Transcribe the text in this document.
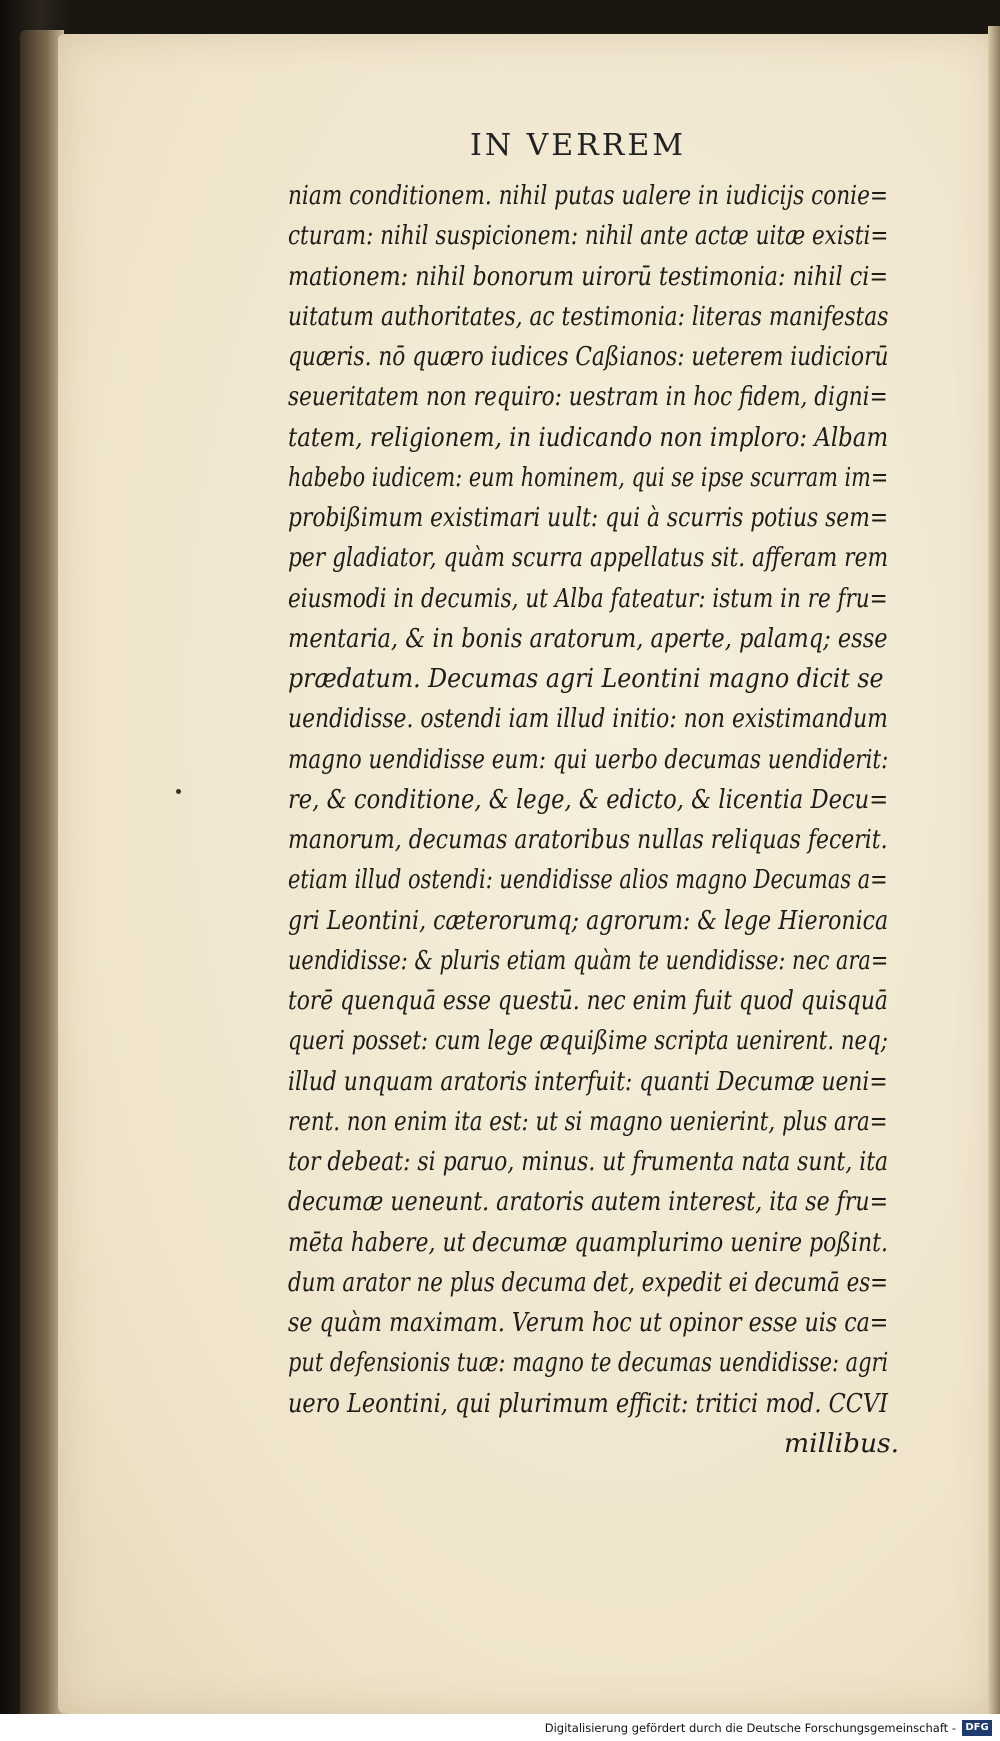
IN VERREM
niam conditionem. nihil putas ualere in iudicijs conie=
cturam: nihil suspicionem: nihil ante actæ uitæ existi=
mationem: nihil bonorum uirorū testimonia: nihil ci=
uitatum authoritates, ac testimonia: literas manifestas
quæris. nō quæro iudices Caßianos: ueterem iudiciorū
seueritatem non requiro: uestram in hoc fidem, digni=
tatem, religionem, in iudicando non imploro: Albam
habebo iudicem: eum hominem, qui se ipse scurram im=
probißimum existimari uult: qui à scurris potius sem=
per gladiator, quàm scurra appellatus sit. afferam rem
eiusmodi in decumis, ut Alba fateatur: istum in re fru=
mentaria, & in bonis aratorum, aperte, palamq; esse
prædatum. Decumas agri Leontini magno dicit se
uendidisse. ostendi iam illud initio: non existimandum
magno uendidisse eum: qui uerbo decumas uendiderit:
re, & conditione, & lege, & edicto, & licentia Decu=
manorum, decumas aratoribus nullas reliquas fecerit.
etiam illud ostendi: uendidisse alios magno Decumas a=
gri Leontini, cæterorumq; agrorum: & lege Hieronica
uendidisse: & pluris etiam quàm te uendidisse: nec ara=
torē quenquā esse questū. nec enim fuit quod quisquā
queri posset: cum lege æquißime scripta uenirent. neq;
illud unquam aratoris interfuit: quanti Decumæ ueni=
rent. non enim ita est: ut si magno uenierint, plus ara=
tor debeat: si paruo, minus. ut frumenta nata sunt, ita
decumæ ueneunt. aratoris autem interest, ita se fru=
mēta habere, ut decumæ quamplurimo uenire poßint.
dum arator ne plus decuma det, expedit ei decumā es=
se quàm maximam. Verum hoc ut opinor esse uis ca=
put defensionis tuæ: magno te decumas uendidisse: agri
uero Leontini, qui plurimum efficit: tritici mod. CCVI
millibus.
Digitalisierung gefördert durch die Deutsche Forschungsgemeinschaft - DFG
